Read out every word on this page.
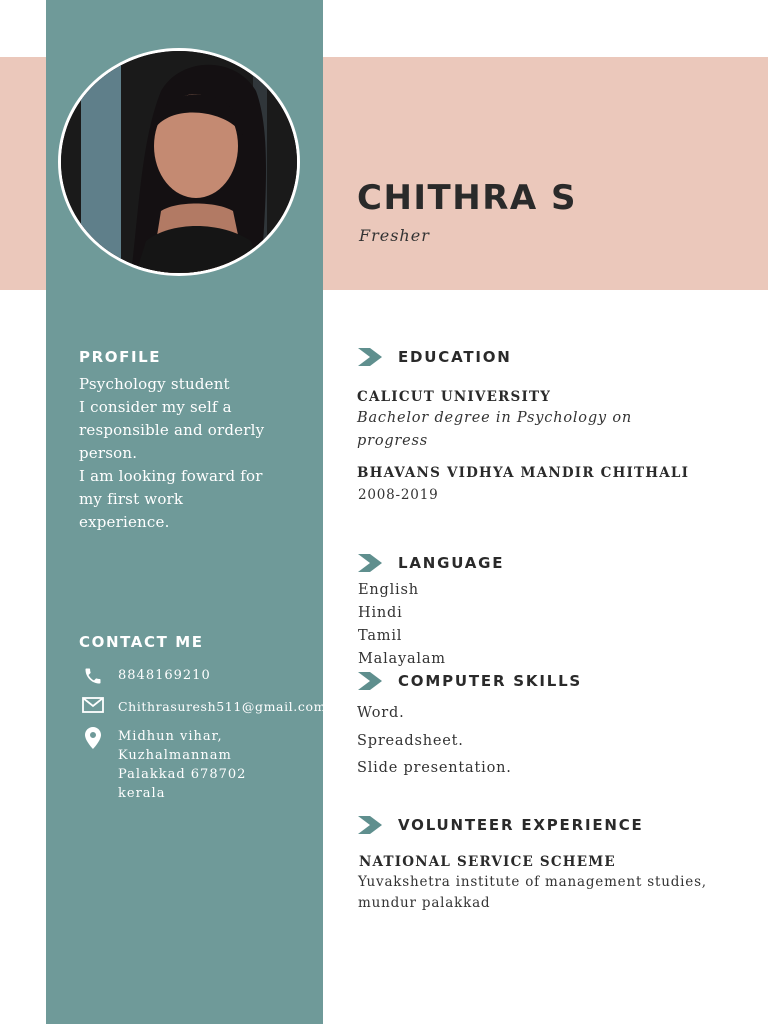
CHITHRA S
Fresher
PROFILE
Psychology student
I consider my self a
responsible and orderly
person.
I am looking foward for
my first work
experience.
CONTACT ME
8848169210
Chithrasuresh511@gmail.com
Midhun vihar,
Kuzhalmannam
Palakkad 678702
kerala
EDUCATION
CALICUT UNIVERSITY
Bachelor degree in Psychology on
progress
BHAVANS VIDHYA MANDIR CHITHALI
2008-2019
LANGUAGE
English
Hindi
Tamil
Malayalam
COMPUTER SKILLS
Word.
Spreadsheet.
Slide presentation.
VOLUNTEER EXPERIENCE
NATIONAL SERVICE SCHEME
Yuvakshetra institute of management studies,
mundur palakkad
